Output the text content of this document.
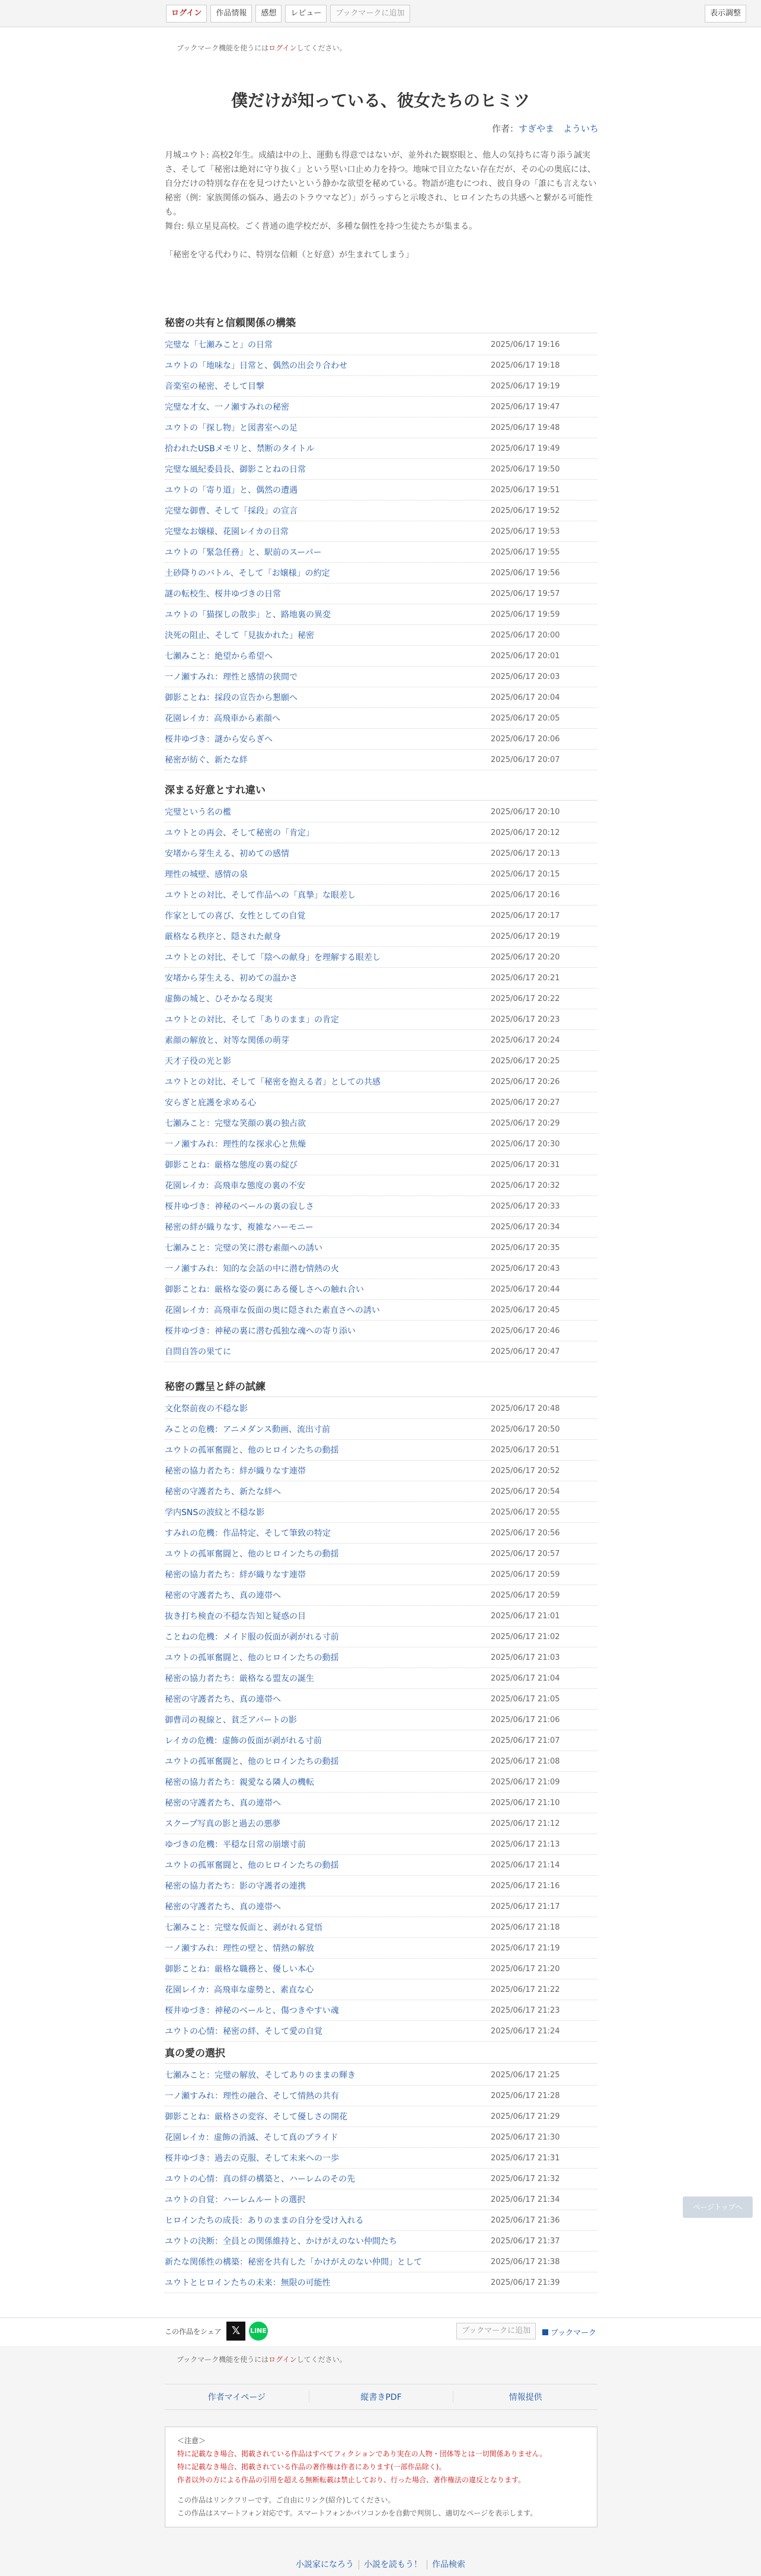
ログイン	作品情報	感想	レビュー	ブックマークに追加	表示調整
ブックマーク機能を使うにはログインしてください。
僕だけが知っている、彼女たちのヒミツ
作者：すぎやま　よういち

月城ユウト: 高校2年生。成績は中の上、運動も得意ではないが、並外れた観察眼と、他人の気持ちに寄り添う誠実さ、そして「秘密は絶対に守り抜く」という堅い口止め力を持つ。地味で目立たない存在だが、その心の奥底には、自分だけの特別な存在を見つけたいという静かな欲望を秘めている。物語が進むにつれ、彼自身の「誰にも言えない秘密（例：家族関係の悩み、過去のトラウマなど）」がうっすらと示唆され、ヒロインたちの共感へと繋がる可能性も。
舞台: 県立星見高校。ごく普通の進学校だが、多種な個性を持つ生徒たちが集まる。

「秘密を守る代わりに、特別な信頼（と好意）が生まれてしまう」

秘密の共有と信頼関係の構築
完璧な「七瀬みこと」の日常	2025/06/17 19:16
ユウトの「地味な」日常と、偶然の出会り合わせ	2025/06/17 19:18
音楽室の秘密、そして目撃	2025/06/17 19:19
完璧な才女、一ノ瀬すみれの秘密	2025/06/17 19:47
ユウトの「探し物」と図書室への足	2025/06/17 19:48
拾われたUSBメモリと、禁断のタイトル	2025/06/17 19:49
完璧な風紀委員長、御影ことねの日常	2025/06/17 19:50
ユウトの「寄り道」と、偶然の遭遇	2025/06/17 19:51
完璧な御曹、そして「採段」の宣言	2025/06/17 19:52
完璧なお嬢様、花園レイカの日常	2025/06/17 19:53
ユウトの「緊急任務」と、駅前のスーパー	2025/06/17 19:55
土砂降りのバトル、そして「お嬢様」の約定	2025/06/17 19:56
謎の転校生、桜井ゆづきの日常	2025/06/17 19:57
ユウトの「猫探しの散歩」と、路地裏の異変	2025/06/17 19:59
決死の阻止、そして「見抜かれた」秘密	2025/06/17 20:00
七瀬みこと：絶望から希望へ	2025/06/17 20:01
一ノ瀬すみれ：理性と感情の狭間で	2025/06/17 20:03
御影ことね：採段の宣告から懇願へ	2025/06/17 20:04
花園レイカ：高飛車から素顔へ	2025/06/17 20:05
桜井ゆづき：謎から安らぎへ	2025/06/17 20:06
秘密が紡ぐ、新たな絆	2025/06/17 20:07
深まる好意とすれ違い
完璧という名の檻	2025/06/17 20:10
ユウトとの再会、そして秘密の「肯定」	2025/06/17 20:12
安堵から芽生える、初めての感情	2025/06/17 20:13
理性の城壁、感情の泉	2025/06/17 20:15
ユウトとの対比、そして作品への「真摯」な眼差し	2025/06/17 20:16
作家としての喜び、女性としての自覚	2025/06/17 20:17
厳格なる秩序と、隠された献身	2025/06/17 20:19
ユウトとの対比、そして「陰への献身」を理解する眼差し	2025/06/17 20:20
安堵から芽生える、初めての温かさ	2025/06/17 20:21
虚飾の城と、ひそかなる現実	2025/06/17 20:22
ユウトとの対比、そして「ありのまま」の肯定	2025/06/17 20:23
素顔の解放と、対等な関係の萌芽	2025/06/17 20:24
天才子役の光と影	2025/06/17 20:25
ユウトとの対比、そして「秘密を抱える者」としての共感	2025/06/17 20:26
安らぎと庇護を求める心	2025/06/17 20:27
七瀬みこと：完璧な笑顔の裏の独占欲	2025/06/17 20:29
一ノ瀬すみれ：理性的な探求心と焦燥	2025/06/17 20:30
御影ことね：厳格な態度の裏の綻び	2025/06/17 20:31
花園レイカ：高飛車な態度の裏の不安	2025/06/17 20:32
桜井ゆづき：神秘のベールの裏の寂しさ	2025/06/17 20:33
秘密の絆が織りなす、複雑なハーモニー	2025/06/17 20:34
七瀬みこと：完璧の笑に潜む素顔への誘い	2025/06/17 20:35
一ノ瀬すみれ：知的な会話の中に潜む情熱の火	2025/06/17 20:43
御影ことね：厳格な姿の裏にある優しさへの触れ合い	2025/06/17 20:44
花園レイカ：高飛車な仮面の奥に隠された素直さへの誘い	2025/06/17 20:45
桜井ゆづき：神秘の裏に潜む孤独な魂への寄り添い	2025/06/17 20:46
自問自答の果てに	2025/06/17 20:47
秘密の露呈と絆の試練
文化祭前夜の不穏な影	2025/06/17 20:48
みことの危機：アニメダンス動画、流出寸前	2025/06/17 20:50
ユウトの孤軍奮闘と、他のヒロインたちの動揺	2025/06/17 20:51
秘密の協力者たち：絆が織りなす連帯	2025/06/17 20:52
秘密の守護者たち、新たな絆へ	2025/06/17 20:54
学内SNSの波紋と不穏な影	2025/06/17 20:55
すみれの危機：作品特定、そして筆致の特定	2025/06/17 20:56
ユウトの孤軍奮闘と、他のヒロインたちの動揺	2025/06/17 20:57
秘密の協力者たち：絆が織りなす連帯	2025/06/17 20:59
秘密の守護者たち、真の連帯へ	2025/06/17 20:59
抜き打ち検査の不穏な告知と疑惑の目	2025/06/17 21:01
ことねの危機：メイド服の仮面が剥がれる寸前	2025/06/17 21:02
ユウトの孤軍奮闘と、他のヒロインたちの動揺	2025/06/17 21:03
秘密の協力者たち：厳格なる盟友の誕生	2025/06/17 21:04
秘密の守護者たち、真の連帯へ	2025/06/17 21:05
御曹司の視線と、貧乏アパートの影	2025/06/17 21:06
レイカの危機：虚飾の仮面が剥がれる寸前	2025/06/17 21:07
ユウトの孤軍奮闘と、他のヒロインたちの動揺	2025/06/17 21:08
秘密の協力者たち：親愛なる隣人の機転	2025/06/17 21:09
秘密の守護者たち、真の連帯へ	2025/06/17 21:10
スクープ写真の影と過去の悪夢	2025/06/17 21:12
ゆづきの危機：平穏な日常の崩壊寸前	2025/06/17 21:13
ユウトの孤軍奮闘と、他のヒロインたちの動揺	2025/06/17 21:14
秘密の協力者たち：影の守護者の連携	2025/06/17 21:16
秘密の守護者たち、真の連帯へ	2025/06/17 21:17
七瀬みこと：完璧な仮面と、剥がれる覚悟	2025/06/17 21:18
一ノ瀬すみれ：理性の壁と、情熱の解放	2025/06/17 21:19
御影ことね：厳格な職務と、優しい本心	2025/06/17 21:20
花園レイカ：高飛車な虚勢と、素直な心	2025/06/17 21:22
桜井ゆづき：神秘のベールと、傷つきやすい魂	2025/06/17 21:23
ユウトの心情：秘密の絆、そして愛の自覚	2025/06/17 21:24
真の愛の選択
七瀬みこと：完璧の解放、そしてありのままの輝き	2025/06/17 21:25
一ノ瀬すみれ：理性の融合、そして情熱の共有	2025/06/17 21:28
御影ことね：厳格さの変容、そして優しさの開花	2025/06/17 21:29
花園レイカ：虚飾の消滅、そして真のプライド	2025/06/17 21:30
桜井ゆづき：過去の克服、そして未来への一歩	2025/06/17 21:31
ユウトの心情：真の絆の構築と、ハーレムのその先	2025/06/17 21:32
ユウトの自覚：ハーレムルートの選択	2025/06/17 21:34
ヒロインたちの成長：ありのままの自分を受け入れる	2025/06/17 21:36
ユウトの決断：全員との関係維持と、かけがえのない仲間たち	2025/06/17 21:37
新たな関係性の構築：秘密を共有した「かけがえのない仲間」として	2025/06/17 21:38
ユウトとヒロインたちの未来：無限の可能性	2025/06/17 21:39
この作品をシェア 𝕏	LINE	ブックマークに追加	ブックマーク
ブックマーク機能を使うにはログインしてください。
作者マイページ	縦書きPDF	情報提供
＜注意＞
特に記載なき場合、掲載されている作品はすべてフィクションであり実在の人物・団体等とは一切関係ありません。
特に記載なき場合、掲載されている作品の著作権は作者にあります(一部作品除く)。
作者以外の方による作品の引用を超える無断転載は禁止しており、行った場合、著作権法の違反となります。
この作品はリンクフリーです。ご自由にリンク(紹介)してください。
この作品はスマートフォン対応です。スマートフォンかパソコンかを自動で判別し、適切なページを表示します。
小説家になろう 小説を読もう！ 作品検索
ページトップへ
